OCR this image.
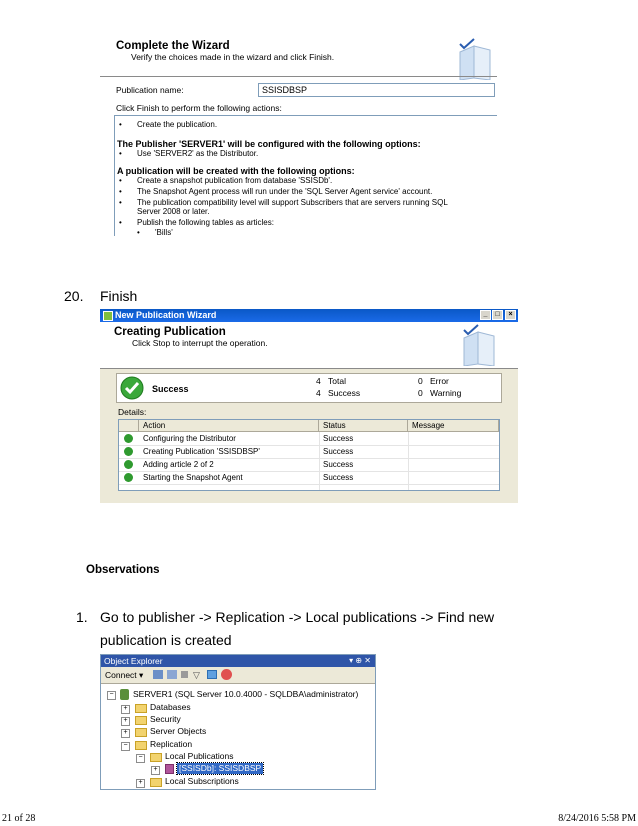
Complete the Wizard
Verify the choices made in the wizard and click Finish.
Publication name:	SSISDBSP
Click Finish to perform the following actions:
• Create the publication.
The Publisher 'SERVER1' will be configured with the following options:
• Use 'SERVER2' as the Distributor.
A publication will be created with the following options:
• Create a snapshot publication from database 'SSISDb'.
• The Snapshot Agent process will run under the 'SQL Server Agent service' account.
• The publication compatibility level will support Subscribers that are servers running SQL
Server 2008 or later.
• Publish the following tables as articles:
• 'Bills'
20. Finish
New Publication Wizard	_	□	×
Creating Publication
Click Stop to interrupt the operation.
Success
4 Total
4 Success
0 Error
0 Warning
Details:
Action	Status	Message
Configuring the Distributor	Success
Creating Publication 'SSISDBSP'	Success
Adding article 2 of 2	Success
Starting the Snapshot Agent	Success
Observations
1. Go to publisher -> Replication -> Local publications -> Find new
publication is created
Object Explorer	▾ ⊕ ✕
Connect ▾	▽
− SERVER1 (SQL Server 10.0.4000 - SQLDBA\administrator)
+	Databases
+	Security
+	Server Objects
−	Replication
−	Local Publications
+	[SSISDb]: SSISDBSP
+	Local Subscriptions
21 of 28	8/24/2016 5:58 PM
